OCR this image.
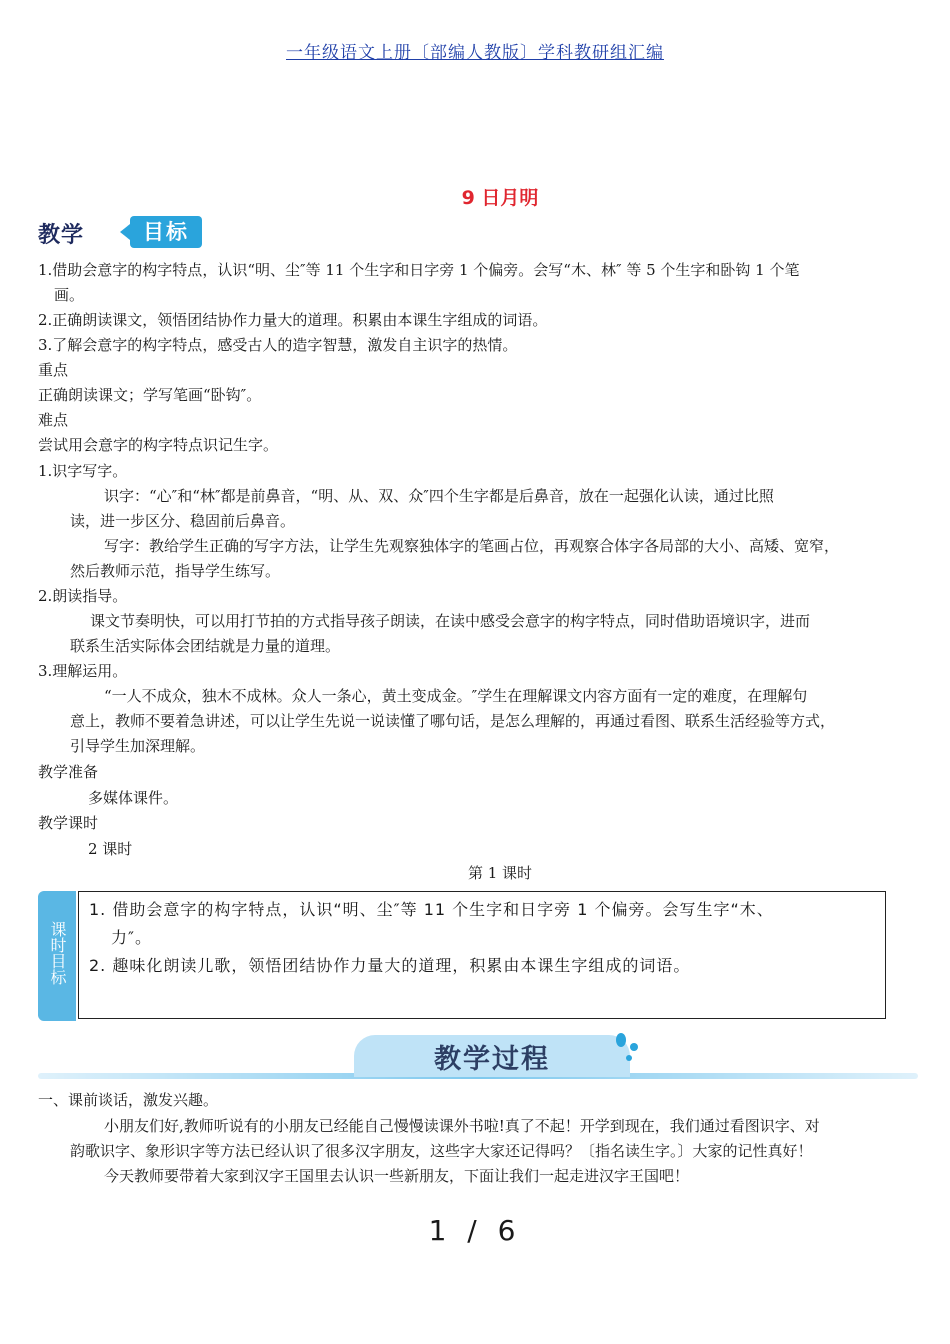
一年级语文上册〔部编人教版〕学科教研组汇编
9 日月明
教学	目标
1.借助会意字的构字特点，认识“明、尘″等 11 个生字和日字旁 1 个偏旁。会写“木、林″ 等 5 个生字和卧钩 1 个笔
画。
2.正确朗读课文，领悟团结协作力量大的道理。积累由本课生字组成的词语。
3.了解会意字的构字特点，感受古人的造字智慧，激发自主识字的热情。
重点
正确朗读课文；学写笔画“卧钩″。
难点
尝试用会意字的构字特点识记生字。
1.识字写字。
识字：“心″和“林″都是前鼻音，“明、从、双、众″四个生字都是后鼻音，放在一起强化认读，通过比照
读，进一步区分、稳固前后鼻音。
写字：教给学生正确的写字方法，让学生先观察独体字的笔画占位，再观察合体字各局部的大小、高矮、宽窄，
然后教师示范，指导学生练写。
2.朗读指导。
课文节奏明快，可以用打节拍的方式指导孩子朗读，在读中感受会意字的构字特点，同时借助语境识字，进而
联系生活实际体会团结就是力量的道理。
3.理解运用。
“一人不成众，独木不成林。众人一条心，黄土变成金。″学生在理解课文内容方面有一定的难度，在理解句
意上，教师不要着急讲述，可以让学生先说一说读懂了哪句话，是怎么理解的，再通过看图、联系生活经验等方式，
引导学生加深理解。
教学准备
多媒体课件。
教学课时
2 课时
第 1 课时
课时目标
1. 借助会意字的构字特点，认识“明、尘″等 11 个生字和日字旁 1 个偏旁。会写生字“木、
力″。
2. 趣味化朗读儿歌，领悟团结协作力量大的道理，积累由本课生字组成的词语。
教学过程
一、课前谈话，激发兴趣。
小朋友们好,教师听说有的小朋友已经能自己慢慢读课外书啦!真了不起！开学到现在，我们通过看图识字、对
韵歌识字、象形识字等方法已经认识了很多汉字朋友，这些字大家还记得吗？〔指名读生字。〕大家的记性真好！
今天教师要带着大家到汉字王国里去认识一些新朋友，下面让我们一起走进汉字王国吧！
1 / 6
